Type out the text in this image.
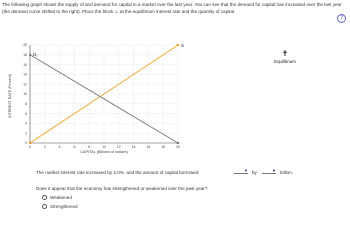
The following graph shows the supply of and demand for capital in a market over the last year. You can see that the demand for capital has increased over the last year (the demand curve shifted to the right). Place the block ⊥ at the equilibrium interest rate and the quantity of capital.
?
INTEREST RATE (Percent)
0	2	4	6	8	10	12	14	16	18	20
0
2
4
6
8
10
12
14
16
18
20
CAPITAL (Billions of dollars)
S
D₁	✝
Equilibrium
The market interest rate increased by 2.0%, and the amount of capital borrowed	▼ by	▼ billion.
Does it appear that the economy has strengthened or weakened over the past year?
Weakened
Strengthened
